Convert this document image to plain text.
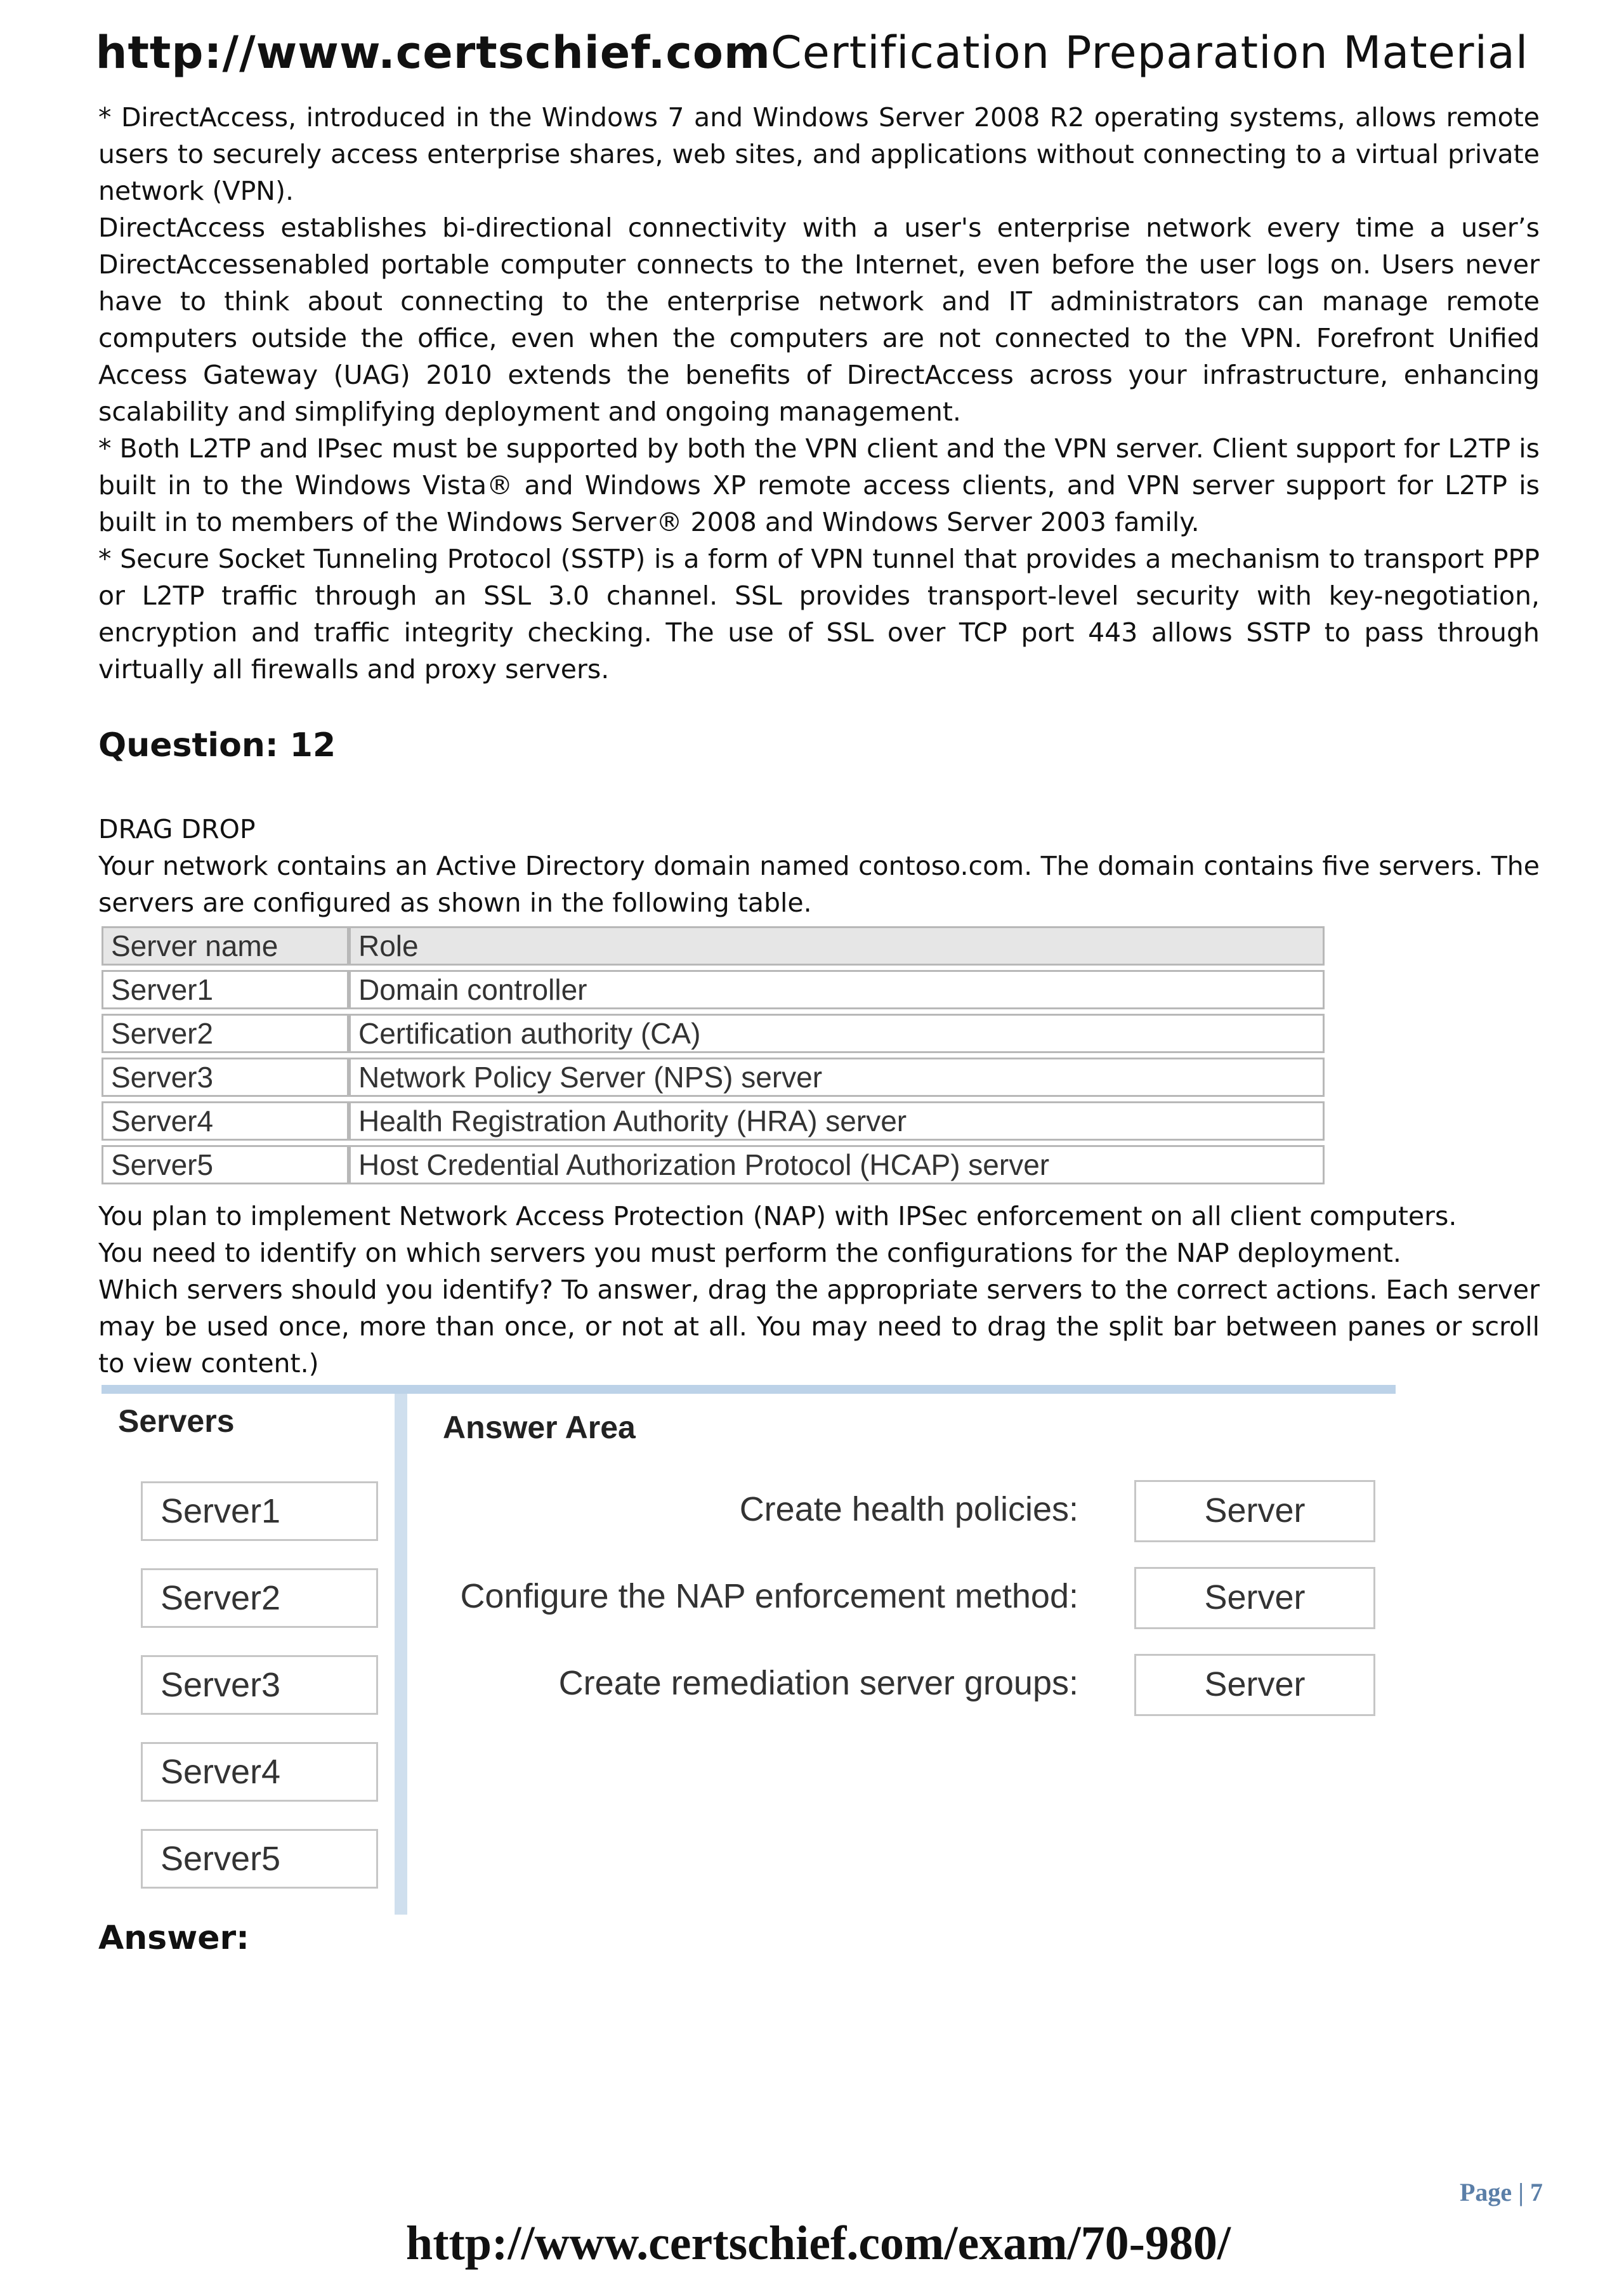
http://www.certschief.comCertification Preparation Material

* DirectAccess, introduced in the Windows 7 and Windows Server 2008 R2 operating systems, allows remote users to securely access enterprise shares, web sites, and applications without connecting to a virtual private network (VPN).

DirectAccess establishes bi-directional connectivity with a user's enterprise network every time a user’s DirectAccessenabled portable computer connects to the Internet, even before the user logs on. Users never have to think about connecting to the enterprise network and IT administrators can manage remote computers outside the office, even when the computers are not connected to the VPN. Forefront Unified Access Gateway (UAG) 2010 extends the benefits of DirectAccess across your infrastructure, enhancing scalability and simplifying deployment and ongoing management.

* Both L2TP and IPsec must be supported by both the VPN client and the VPN server. Client support for L2TP is built in to the Windows Vista® and Windows XP remote access clients, and VPN server support for L2TP is built in to members of the Windows Server® 2008 and Windows Server 2003 family.

* Secure Socket Tunneling Protocol (SSTP) is a form of VPN tunnel that provides a mechanism to transport PPP or L2TP traffic through an SSL 3.0 channel. SSL provides transport-level security with key-negotiation, encryption and traffic integrity checking. The use of SSL over TCP port 443 allows SSTP to pass through virtually all firewalls and proxy servers.

Question: 12

DRAG DROP

Your network contains an Active Directory domain named contoso.com. The domain contains five servers. The servers are configured as shown in the following table.

Server name	Role
Server1	Domain controller
Server2	Certification authority (CA)
Server3	Network Policy Server (NPS) server
Server4	Health Registration Authority (HRA) server
Server5	Host Credential Authorization Protocol (HCAP) server

You plan to implement Network Access Protection (NAP) with IPSec enforcement on all client computers.

You need to identify on which servers you must perform the configurations for the NAP deployment.

Which servers should you identify? To answer, drag the appropriate servers to the correct actions. Each server may be used once, more than once, or not at all. You may need to drag the split bar between panes or scroll to view content.)

Servers
Server1
Server2
Server3
Server4
Server5
Answer Area
Create health policies:	Server
Configure the NAP enforcement method:	Server
Create remediation server groups:	Server
Answer:
Page | 7
http://www.certschief.com/exam/70-980/
